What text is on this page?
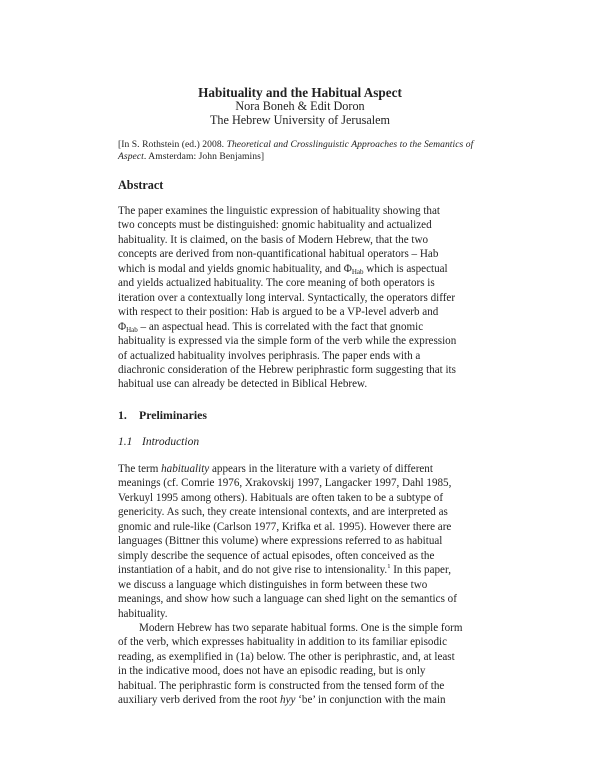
Habituality and the Habitual Aspect
Nora Boneh & Edit Doron
The Hebrew University of Jerusalem
[In S. Rothstein (ed.) 2008. Theoretical and Crosslinguistic Approaches to the Semantics of
Aspect. Amsterdam: John Benjamins]
Abstract
The paper examines the linguistic expression of habituality showing that
two concepts must be distinguished: gnomic habituality and actualized
habituality. It is claimed, on the basis of Modern Hebrew, that the two
concepts are derived from non-quantificational habitual operators – Hab
which is modal and yields gnomic habituality, and $\Phi_{Hab}$ which is aspectual
and yields actualized habituality. The core meaning of both operators is
iteration over a contextually long interval. Syntactically, the operators differ
with respect to their position: Hab is argued to be a VP-level adverb and
$\Phi_{Hab}$ – an aspectual head. This is correlated with the fact that gnomic
habituality is expressed via the simple form of the verb while the expression
of actualized habituality involves periphrasis. The paper ends with a
diachronic consideration of the Hebrew periphrastic form suggesting that its
habitual use can already be detected in Biblical Hebrew.
1. Preliminaries
1.1 Introduction
The term habituality appears in the literature with a variety of different
meanings (cf. Comrie 1976, Xrakovskij 1997, Langacker 1997, Dahl 1985,
Verkuyl 1995 among others). Habituals are often taken to be a subtype of
genericity. As such, they create intensional contexts, and are interpreted as
gnomic and rule-like (Carlson 1977, Krifka et al. 1995). However there are
languages (Bittner this volume) where expressions referred to as habitual
simply describe the sequence of actual episodes, often conceived as the
instantiation of a habit, and do not give rise to intensionality.$^1$ In this paper,
we discuss a language which distinguishes in form between these two
meanings, and show how such a language can shed light on the semantics of
habituality.
Modern Hebrew has two separate habitual forms. One is the simple form
of the verb, which expresses habituality in addition to its familiar episodic
reading, as exemplified in (1a) below. The other is periphrastic, and, at least
in the indicative mood, does not have an episodic reading, but is only
habitual. The periphrastic form is constructed from the tensed form of the
auxiliary verb derived from the root hyy ‘be’ in conjunction with the main
